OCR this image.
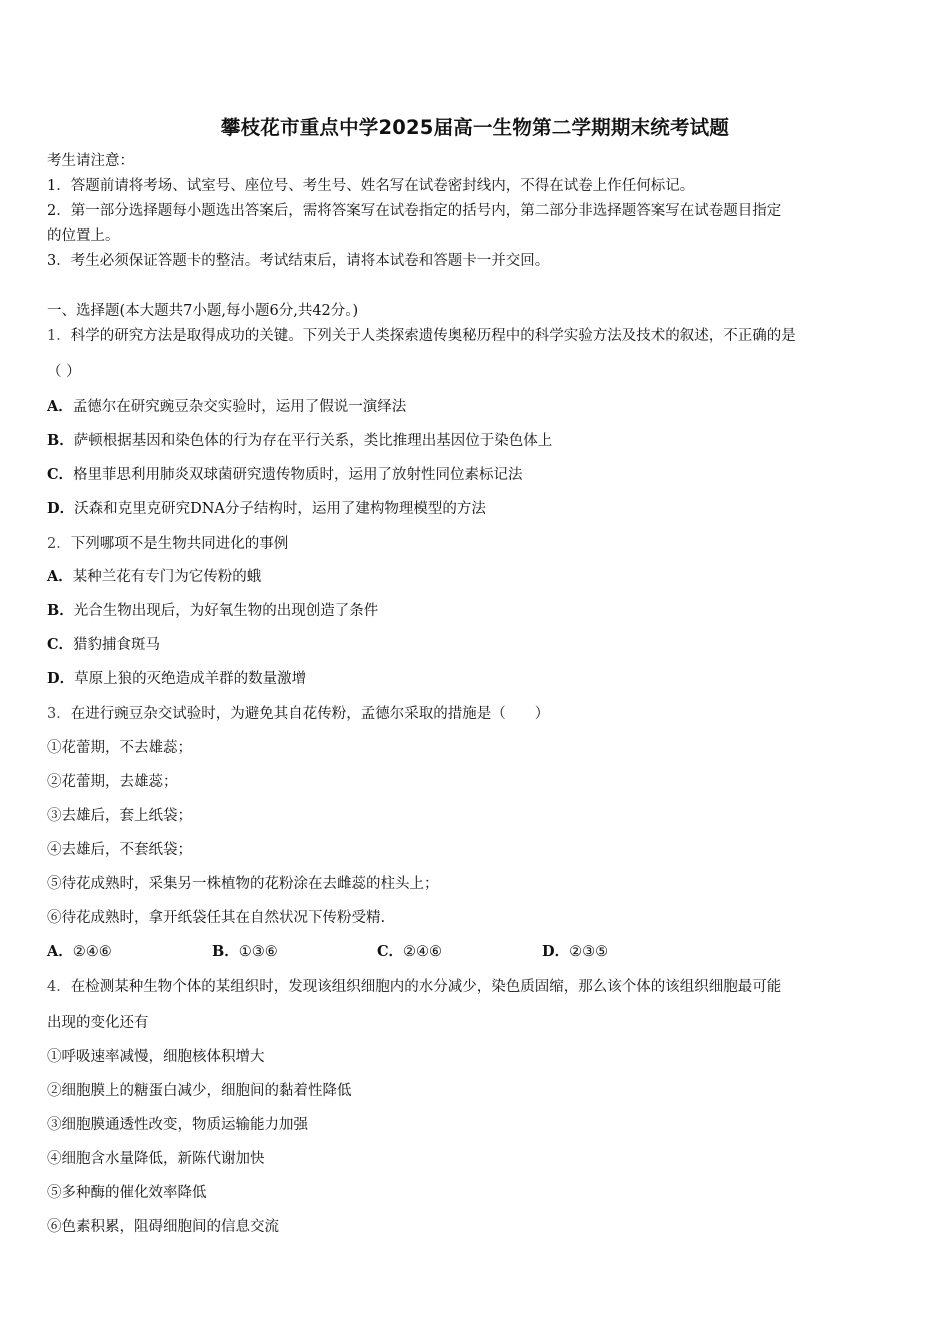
攀枝花市重点中学2025届高一生物第二学期期末统考试题
考生请注意：
1．答题前请将考场、试室号、座位号、考生号、姓名写在试卷密封线内，不得在试卷上作任何标记。
2．第一部分选择题每小题选出答案后，需将答案写在试卷指定的括号内，第二部分非选择题答案写在试卷题目指定
的位置上。
3．考生必须保证答题卡的整洁。考试结束后，请将本试卷和答题卡一并交回。
一、选择题(本大题共7小题,每小题6分,共42分。)
1．科学的研究方法是取得成功的关键。下列关于人类探索遗传奥秘历程中的科学实验方法及技术的叙述，不正确的是
（ ）
A．孟德尔在研究豌豆杂交实验时，运用了假说一演绎法
B．萨顿根据基因和染色体的行为存在平行关系，类比推理出基因位于染色体上
C．格里菲思利用肺炎双球菌研究遗传物质时，运用了放射性同位素标记法
D．沃森和克里克研究DNA分子结构时，运用了建构物理模型的方法
2．下列哪项不是生物共同进化的事例
A．某种兰花有专门为它传粉的蛾
B．光合生物出现后，为好氧生物的出现创造了条件
C．猎豹捕食斑马
D．草原上狼的灭绝造成羊群的数量激增
3．在进行豌豆杂交试验时，为避免其自花传粉，孟德尔采取的措施是（　　）
①花蕾期，不去雄蕊；
②花蕾期，去雄蕊；
③去雄后，套上纸袋；
④去雄后，不套纸袋；
⑤待花成熟时，采集另一株植物的花粉涂在去雌蕊的柱头上；
⑥待花成熟时，拿开纸袋任其在自然状况下传粉受精.
A．②④⑥	B．①③⑥	C．②④⑥	D．②③⑤
4．在检测某种生物个体的某组织时，发现该组织细胞内的水分减少，染色质固缩，那么该个体的该组织细胞最可能
出现的变化还有
①呼吸速率减慢，细胞核体积增大
②细胞膜上的糖蛋白减少，细胞间的黏着性降低
③细胞膜通透性改变，物质运输能力加强
④细胞含水量降低，新陈代谢加快
⑤多种酶的催化效率降低
⑥色素积累，阻碍细胞间的信息交流
